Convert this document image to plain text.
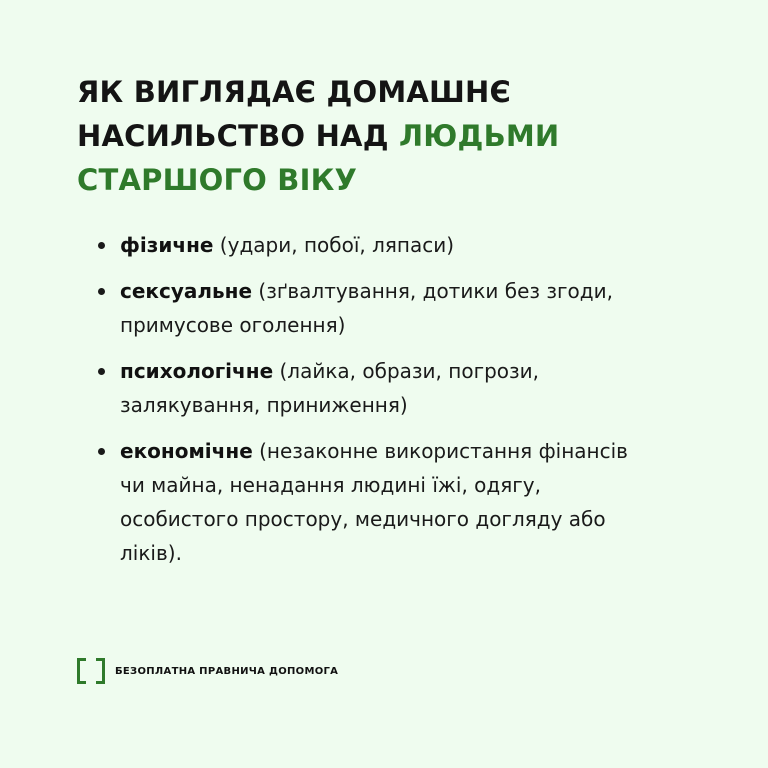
ЯК ВИГЛЯДАЄ ДОМАШНЄ
НАСИЛЬСТВО НАД ЛЮДЬМИ
СТАРШОГО ВІКУ
фізичне (удари, побої, ляпаси)
сексуальне (зґвалтування, дотики без згоди, примусове оголення)
психологічне (лайка, образи, погрози, залякування, приниження)
економічне (незаконне використання фінансів чи майна, ненадання людині їжі, одягу, особистого простору, медичного догляду або ліків).
БЕЗОПЛАТНА ПРАВНИЧА ДОПОМОГА
